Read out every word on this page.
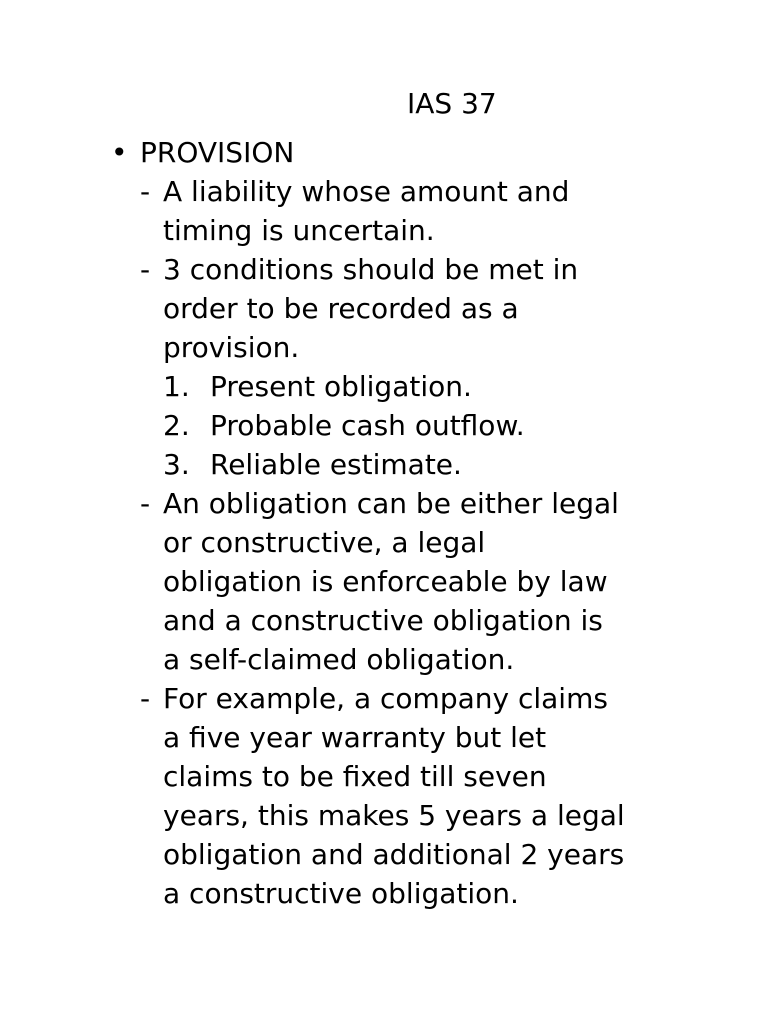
IAS 37
• PROVISION
- A liability whose amount and
timing is uncertain.
- 3 conditions should be met in
order to be recorded as a
provision.
1. Present obligation.
2. Probable cash outflow.
3. Reliable estimate.
- An obligation can be either legal
or constructive, a legal
obligation is enforceable by law
and a constructive obligation is
a self-claimed obligation.
- For example, a company claims
a five year warranty but let
claims to be fixed till seven
years, this makes 5 years a legal
obligation and additional 2 years
a constructive obligation.
